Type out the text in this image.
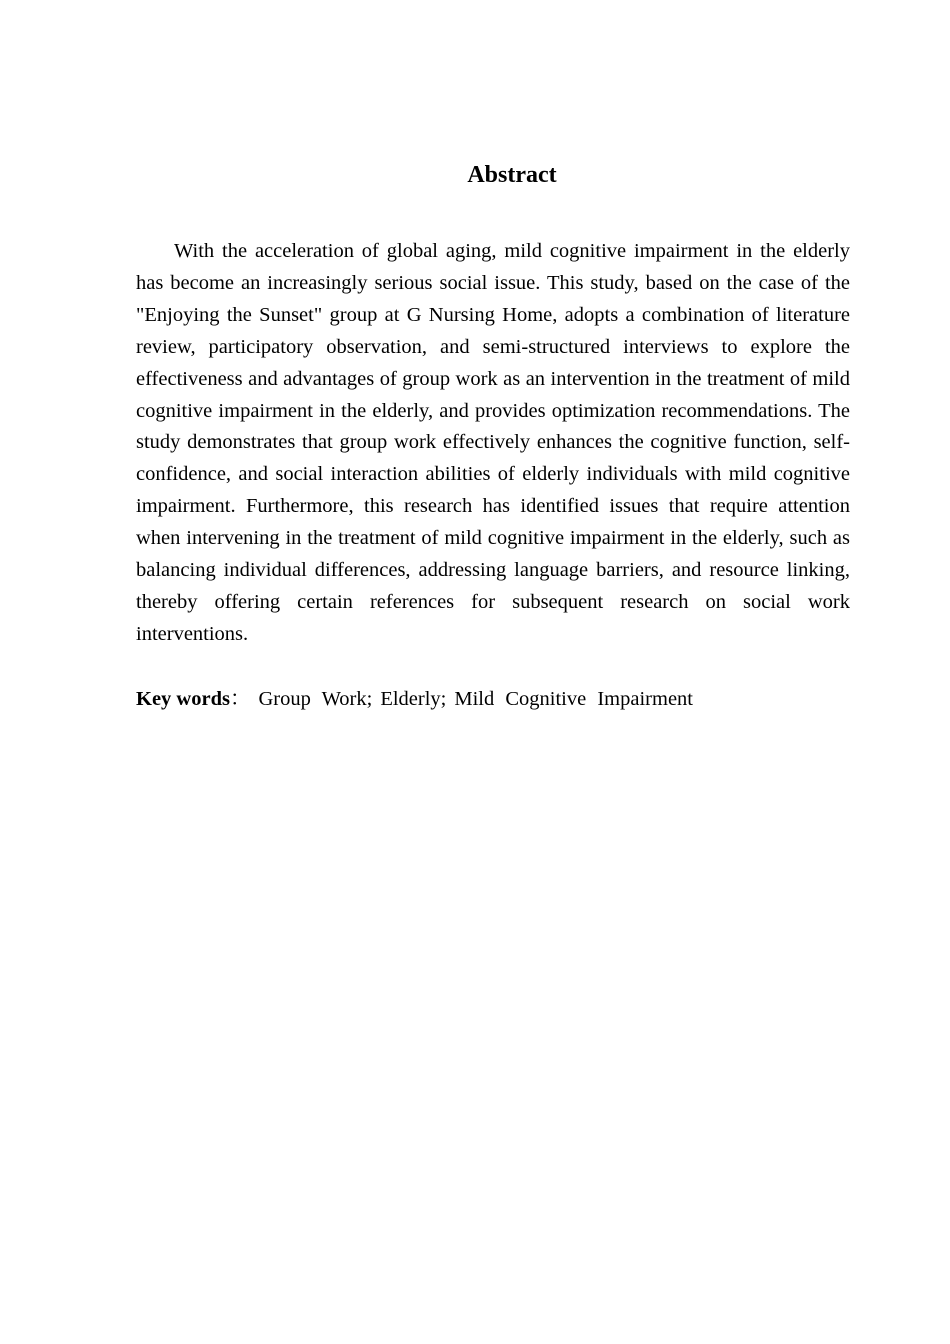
Abstract

With the acceleration of global aging, mild cognitive impairment in the elderly has become an increasingly serious social issue. This study, based on the case of the "Enjoying the Sunset" group at G Nursing Home, adopts a combination of literature review, participatory observation, and semi-structured interviews to explore the effectiveness and advantages of group work as an intervention in the treatment of mild cognitive impairment in the elderly, and provides optimization recommendations. The study demonstrates that group work effectively enhances the cognitive function, self-confidence, and social interaction abilities of elderly individuals with mild cognitive impairment. Furthermore, this research has identified issues that require attention when intervening in the treatment of mild cognitive impairment in the elderly, such as balancing individual differences, addressing language barriers, and resource linking, thereby offering certain references for subsequent research on social work interventions.

Key words： Group Work; Elderly; Mild Cognitive Impairment
